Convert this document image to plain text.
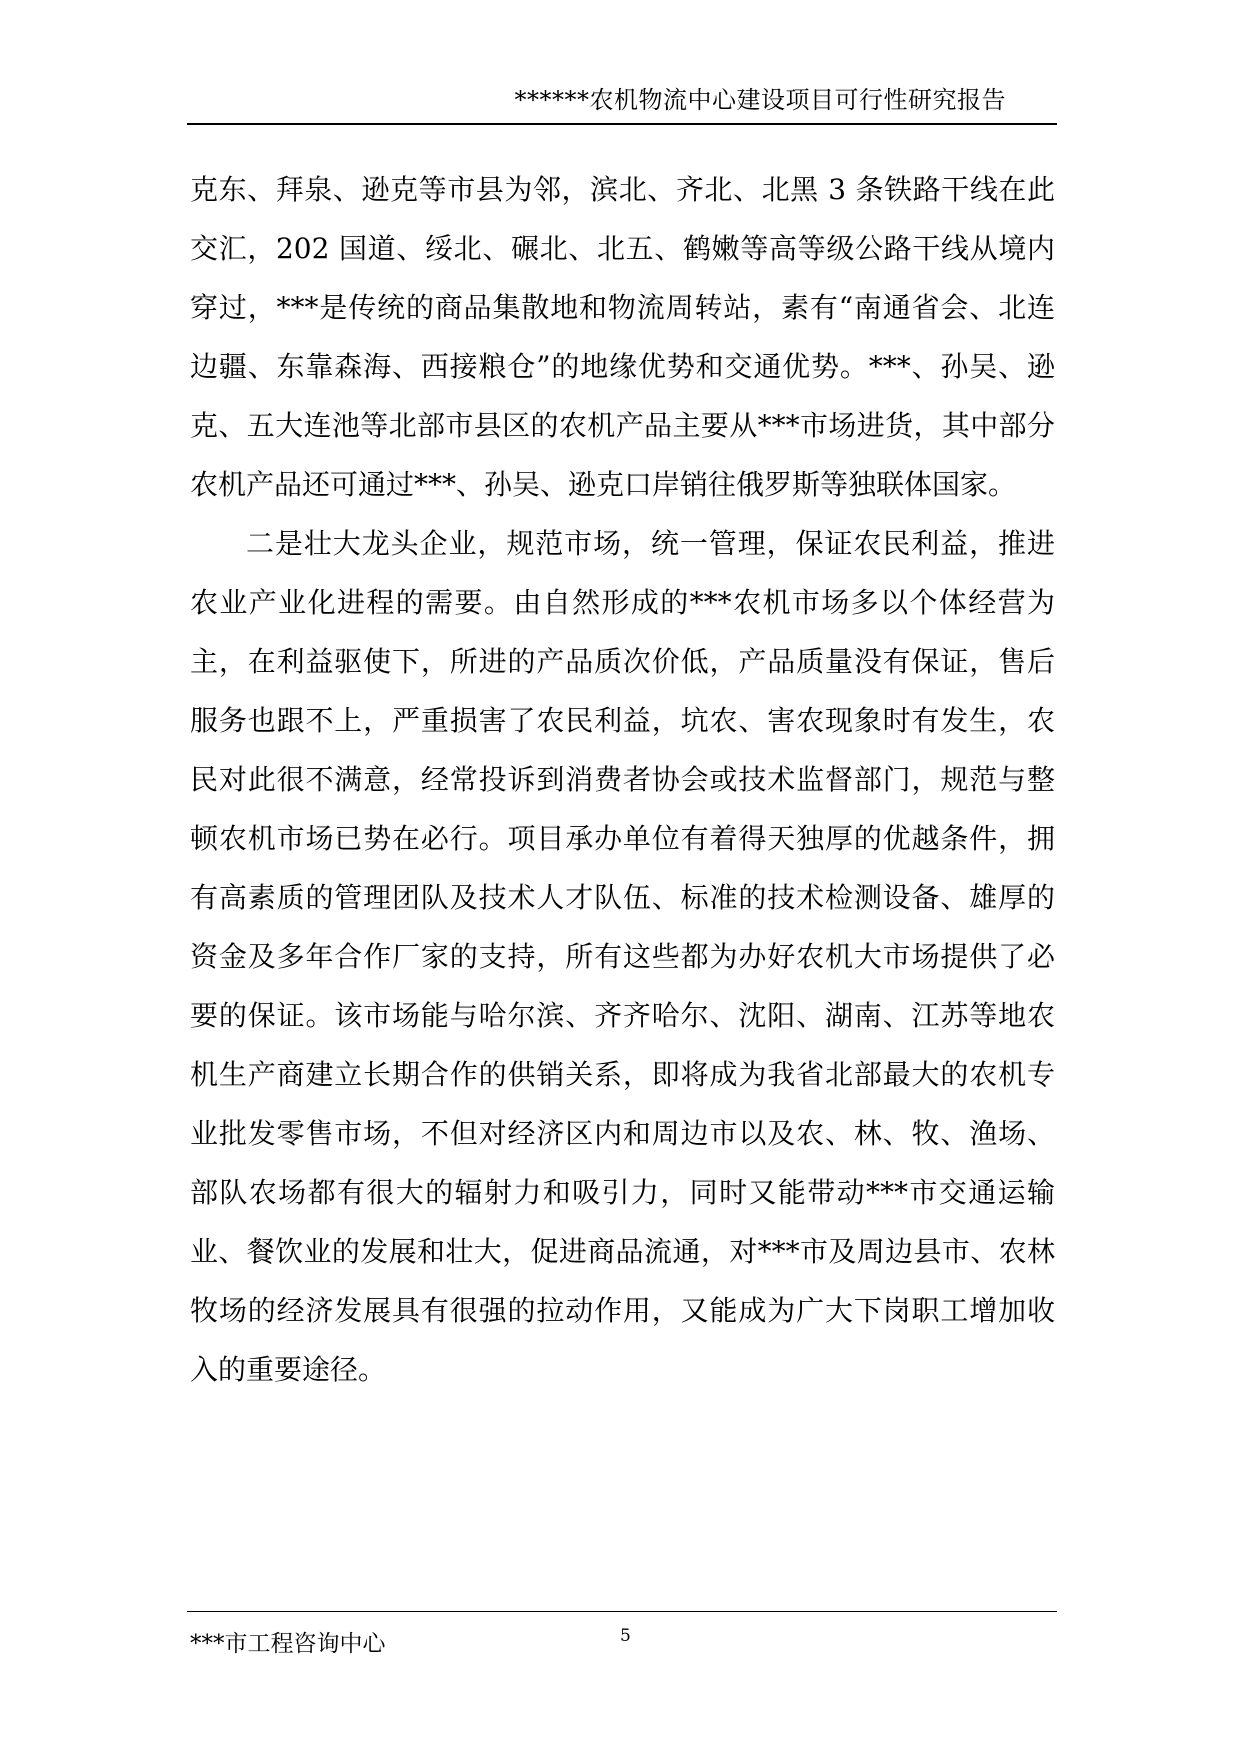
******农机物流中心建设项目可行性研究报告

克东、拜泉、逊克等市县为邻，滨北、齐北、北黑 3 条铁路干线在此交汇，202 国道、绥北、碾北、北五、鹤嫩等高等级公路干线从境内穿过，***是传统的商品集散地和物流周转站，素有“南通省会、北连边疆、东靠森海、西接粮仓”的地缘优势和交通优势。***、孙吴、逊克、五大连池等北部市县区的农机产品主要从***市场进货，其中部分农机产品还可通过***、孙吴、逊克口岸销往俄罗斯等独联体国家。

二是壮大龙头企业，规范市场，统一管理，保证农民利益，推进农业产业化进程的需要。由自然形成的***农机市场多以个体经营为主，在利益驱使下，所进的产品质次价低，产品质量没有保证，售后服务也跟不上，严重损害了农民利益，坑农、害农现象时有发生，农民对此很不满意，经常投诉到消费者协会或技术监督部门，规范与整顿农机市场已势在必行。项目承办单位有着得天独厚的优越条件，拥有高素质的管理团队及技术人才队伍、标准的技术检测设备、雄厚的资金及多年合作厂家的支持，所有这些都为办好农机大市场提供了必要的保证。该市场能与哈尔滨、齐齐哈尔、沈阳、湖南、江苏等地农机生产商建立长期合作的供销关系，即将成为我省北部最大的农机专业批发零售市场，不但对经济区内和周边市以及农、林、牧、渔场、部队农场都有很大的辐射力和吸引力，同时又能带动***市交通运输业、餐饮业的发展和壮大，促进商品流通，对***市及周边县市、农林牧场的经济发展具有很强的拉动作用，又能成为广大下岗职工增加收入的重要途径。

***市工程咨询中心	5
